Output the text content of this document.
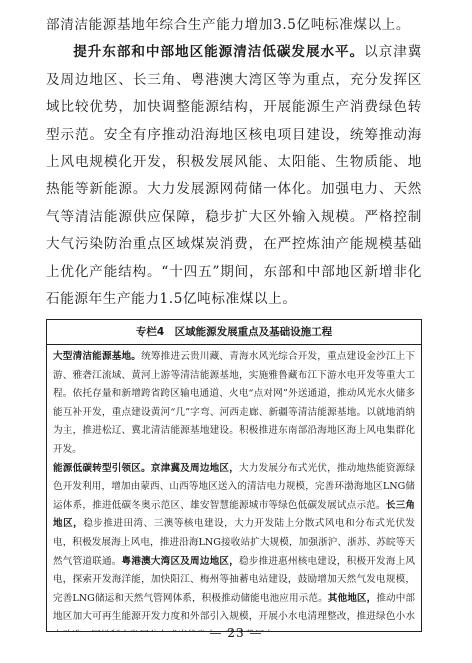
部清洁能源基地年综合生产能力增加3.5亿吨标准煤以上。

提升东部和中部地区能源清洁低碳发展水平。以京津冀及周边地区、长三角、粤港澳大湾区等为重点，充分发挥区域比较优势，加快调整能源结构，开展能源生产消费绿色转型示范。安全有序推动沿海地区核电项目建设，统筹推动海上风电规模化开发，积极发展风能、太阳能、生物质能、地热能等新能源。大力发展源网荷储一体化。加强电力、天然气等清洁能源供应保障，稳步扩大区外输入规模。严格控制大气污染防治重点区域煤炭消费，在严控炼油产能规模基础上优化产能结构。“十四五”期间，东部和中部地区新增非化石能源年生产能力1.5亿吨标准煤以上。

专栏4　区域能源发展重点及基础设施工程

大型清洁能源基地。统筹推进云贵川藏、青海水风光综合开发，重点建设金沙江上下游、雅砻江流域、黄河上游等清洁能源基地，实施雅鲁藏布江下游水电开发等重大工程。依托存量和新增跨省跨区输电通道、火电“点对网”外送通道，推动风光水火储多能互补开发，重点建设黄河“几”字弯、河西走廊、新疆等清洁能源基地。以就地消纳为主，推进松辽、冀北清洁能源基地建设。积极推进东南部沿海地区海上风电集群化开发。

能源低碳转型引领区。京津冀及周边地区，大力发展分布式光伏，推动地热能资源绿色开发利用，增加由蒙西、山西等地区送入的清洁电力规模，完善环渤海地区LNG储运体系，推进低碳冬奥示范区、雄安智慧能源城市等绿色低碳发展试点示范。长三角地区，稳步推进田湾、三澳等核电建设，大力开发陆上分散式风电和分布式光伏发电，积极发展海上风电，推进沿海LNG接收站扩大规模，加强浙沪、浙苏、苏皖等天然气管道联通。粤港澳大湾区及周边地区，稳步推进惠州核电建设，积极开发海上风电，探索开发海洋能，加快阳江、梅州等抽蓄电站建设，鼓励增加天然气发电规模，完善LNG储运和天然气管网体系，积极推动储能电池应用示范。其他地区，推动中部地区加大可再生能源开发力度和外部引入规模，开展小水电清理整改，推进绿色小水

— 23 —
